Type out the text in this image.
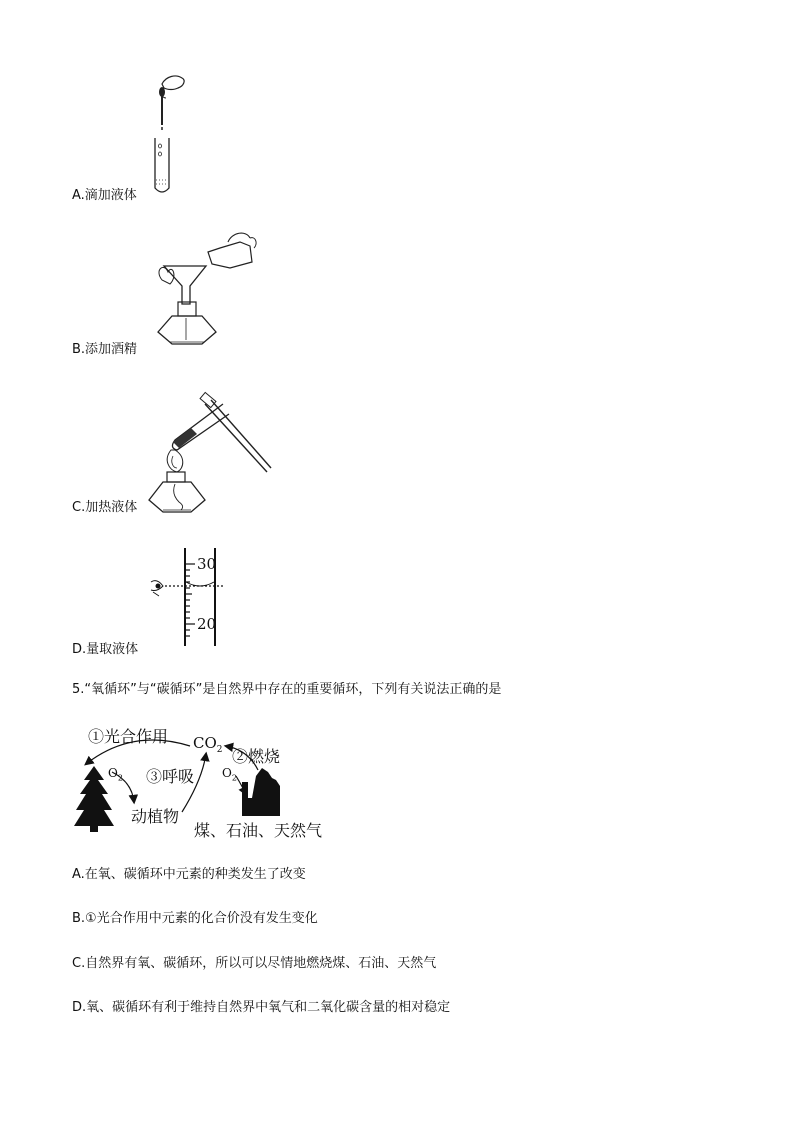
A.滴加液体
B.添加酒精
C.加热液体
30
20
D.量取液体
5.“氧循环”与“碳循环”是自然界中存在的重要循环，下列有关说法正确的是
①光合作用 $CO_2$ ②燃烧
③呼吸
$O_2$	$O_2$
动植物
煤、石油、天然气
A.在氧、碳循环中元素的种类发生了改变
B.①光合作用中元素的化合价没有发生变化
C.自然界有氧、碳循环，所以可以尽情地燃烧煤、石油、天然气
D.氧、碳循环有利于维持自然界中氧气和二氧化碳含量的相对稳定
